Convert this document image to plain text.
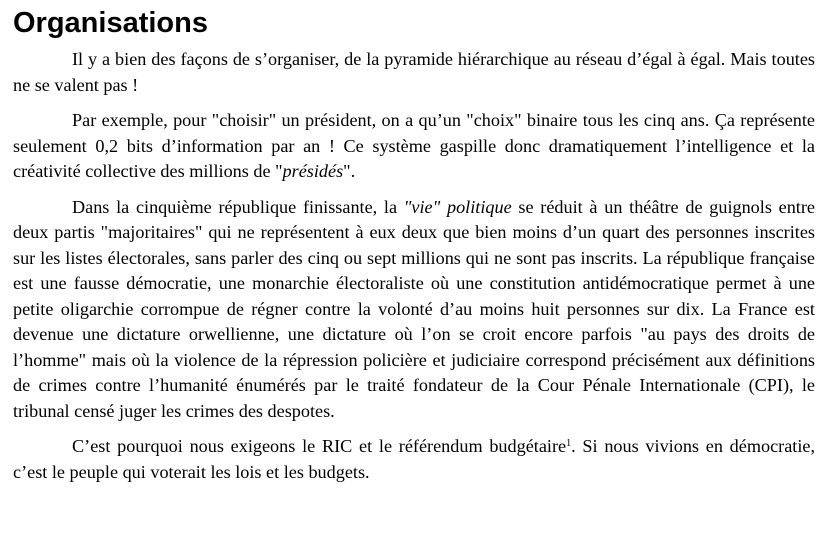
Organisations

Il y a bien des façons de s’organiser, de la pyramide hiérarchique au réseau d’égal à égal. Mais toutes ne se valent pas !

Par exemple, pour "choisir" un président, on a qu’un "choix" binaire tous les cinq ans. Ça représente seulement 0,2 bits d’information par an ! Ce système gaspille donc dramatiquement l’intelligence et la créativité collective des millions de "présidés".

Dans la cinquième république finissante, la "vie" politique se réduit à un théâtre de guignols entre deux partis "majoritaires" qui ne représentent à eux deux que bien moins d’un quart des personnes inscrites sur les listes électorales, sans parler des cinq ou sept millions qui ne sont pas inscrits. La république française est une fausse démocratie, une monarchie électoraliste où une constitution antidémocratique permet à une petite oligarchie corrompue de régner contre la volonté d’au moins huit personnes sur dix. La France est devenue une dictature orwellienne, une dictature où l’on se croit encore parfois "au pays des droits de l’homme" mais où la violence de la répression policière et judiciaire correspond précisément aux définitions de crimes contre l’humanité énumérés par le traité fondateur de la Cour Pénale Internationale (CPI), le tribunal censé juger les crimes des despotes.

C’est pourquoi nous exigeons le RIC et le référendum budgétaire$^1$. Si nous vivions en démocratie, c’est le peuple qui voterait les lois et les budgets.
